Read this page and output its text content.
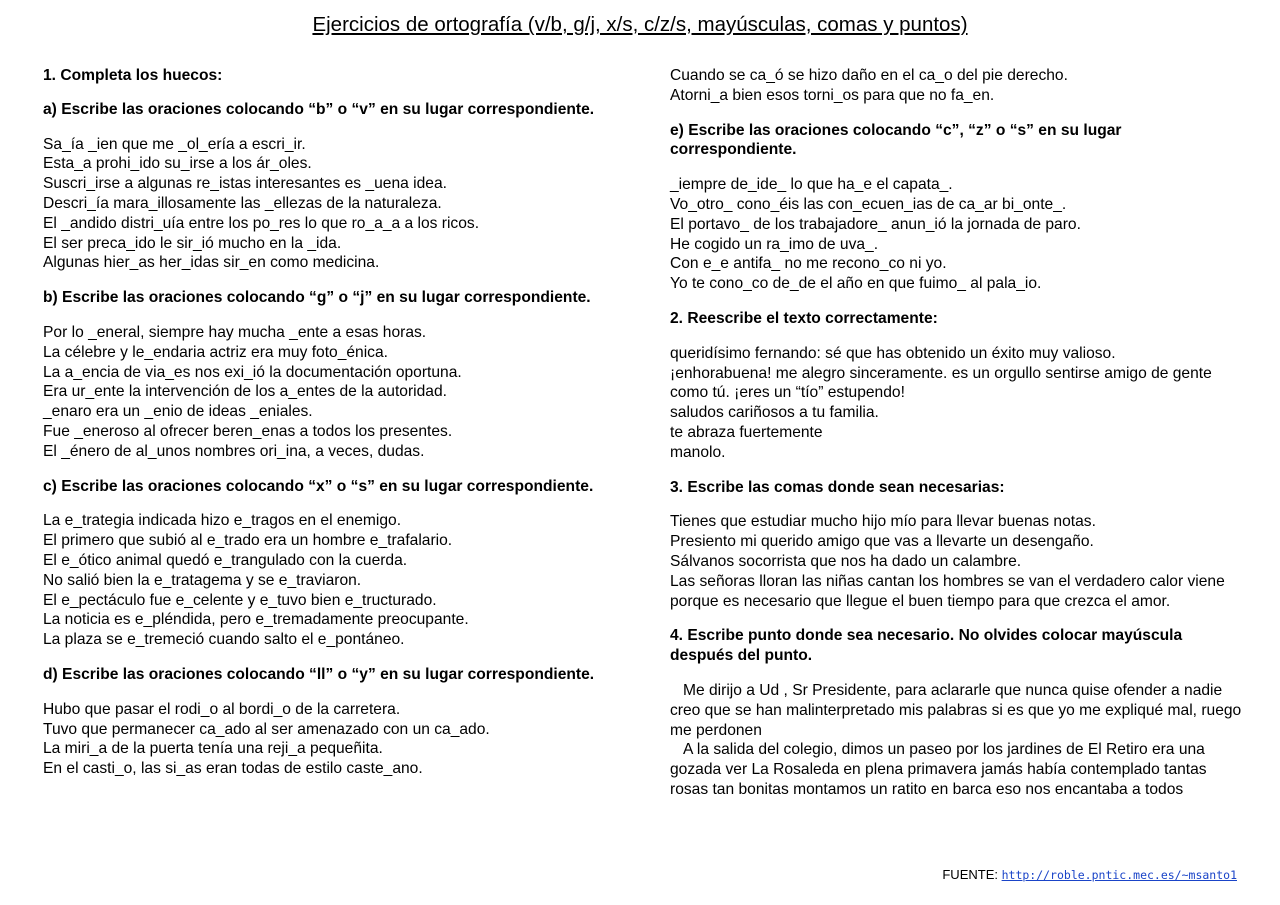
Ejercicios de ortografía (v/b, g/j, x/s, c/z/s, mayúsculas, comas y puntos)
1. Completa los huecos:
a) Escribe las oraciones colocando “b” o “v” en su lugar correspondiente.
Sa_ía _ien que me _ol_ería a escri_ir.
Esta_a prohi_ido su_irse a los ár_oles.
Suscri_irse a algunas re_istas interesantes es _uena idea.
Descri_ía mara_illosamente las _ellezas de la naturaleza.
El _andido distri_uía entre los po_res lo que ro_a_a a los ricos.
El ser preca_ido le sir_ió mucho en la _ida.
Algunas hier_as her_idas sir_en como medicina.
b) Escribe las oraciones colocando “g” o “j” en su lugar correspondiente.
Por lo _eneral, siempre hay mucha _ente a esas horas.
La célebre y le_endaria actriz era muy foto_énica.
La a_encia de via_es nos exi_ió la documentación oportuna.
Era ur_ente la intervención de los a_entes de la autoridad.
_enaro era un _enio de ideas _eniales.
Fue _eneroso al ofrecer beren_enas a todos los presentes.
El _énero de al_unos nombres ori_ina, a veces, dudas.
c) Escribe las oraciones colocando “x” o “s” en su lugar correspondiente.
La e_trategia indicada hizo e_tragos en el enemigo.
El primero que subió al e_trado era un hombre e_trafalario.
El e_ótico animal quedó e_trangulado con la cuerda.
No salió bien la e_tratagema y se e_traviaron.
El e_pectáculo fue e_celente y e_tuvo bien e_tructurado.
La noticia es e_pléndida, pero e_tremadamente preocupante.
La plaza se e_tremeció cuando salto el e_pontáneo.
d) Escribe las oraciones colocando “ll” o “y” en su lugar correspondiente.
Hubo que pasar el rodi_o al bordi_o de la carretera.
Tuvo que permanecer ca_ado al ser amenazado con un ca_ado.
La miri_a de la puerta tenía una reji_a pequeñita.
En el casti_o, las si_as eran todas de estilo caste_ano.
Cuando se ca_ó se hizo daño en el ca_o del pie derecho.
Atorni_a bien esos torni_os para que no fa_en.
e) Escribe las oraciones colocando “c”, “z” o “s” en su lugar correspondiente.
_iempre de_ide_ lo que ha_e el capata_.
Vo_otro_ cono_éis las con_ecuen_ias de ca_ar bi_onte_.
El portavo_ de los trabajadore_ anun_ió la jornada de paro.
He cogido un ra_imo de uva_.
Con e_e antifa_ no me recono_co ni yo.
Yo te cono_co de_de el año en que fuimo_ al pala_io.
2. Reescribe el texto correctamente:
queridísimo fernando: sé que has obtenido un éxito muy valioso.
¡enhorabuena! me alegro sinceramente. es un orgullo sentirse amigo de gente como tú. ¡eres un “tío” estupendo!
saludos cariñosos a tu familia.
te abraza fuertemente
manolo.
3. Escribe las comas donde sean necesarias:
Tienes que estudiar mucho hijo mío para llevar buenas notas.
Presiento mi querido amigo que vas a llevarte un desengaño.
Sálvanos socorrista que nos ha dado un calambre.
Las señoras lloran las niñas cantan los hombres se van el verdadero calor viene porque es necesario que llegue el buen tiempo para que crezca el amor.
4. Escribe punto donde sea necesario. No olvides colocar mayúscula después del punto.
Me dirijo a Ud , Sr Presidente, para aclararle que nunca quise ofender a nadie creo que se han malinterpretado mis palabras si es que yo me expliqué mal, ruego me perdonen
A la salida del colegio, dimos un paseo por los jardines de El Retiro era una gozada ver La Rosaleda en plena primavera jamás había contemplado tantas rosas tan bonitas montamos un ratito en barca eso nos encantaba a todos
FUENTE: http://roble.pntic.mec.es/~msanto1
